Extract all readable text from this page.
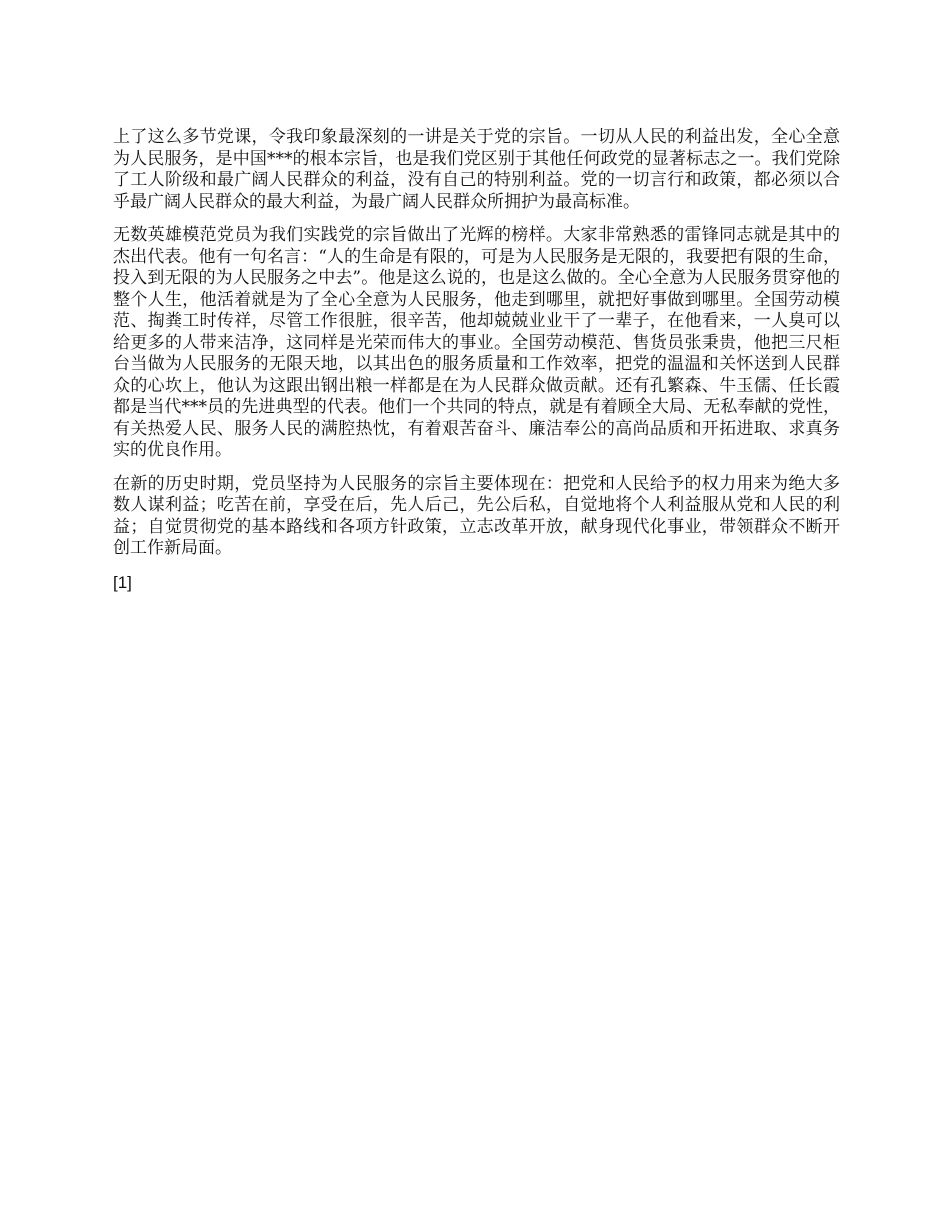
上了这么多节党课，令我印象最深刻的一讲是关于党的宗旨。一切从人民的利益出发，全心全意为人民服务，是中国***的根本宗旨，也是我们党区别于其他任何政党的显著标志之一。我们党除了工人阶级和最广阔人民群众的利益，没有自己的特别利益。党的一切言行和政策，都必须以合乎最广阔人民群众的最大利益，为最广阔人民群众所拥护为最高标准。

无数英雄模范党员为我们实践党的宗旨做出了光辉的榜样。大家非常熟悉的雷锋同志就是其中的杰出代表。他有一句名言：“人的生命是有限的，可是为人民服务是无限的，我要把有限的生命，投入到无限的为人民服务之中去”。他是这么说的，也是这么做的。全心全意为人民服务贯穿他的整个人生，他活着就是为了全心全意为人民服务，他走到哪里，就把好事做到哪里。全国劳动模范、掏粪工时传祥，尽管工作很脏，很辛苦，他却兢兢业业干了一辈子，在他看来，一人臭可以给更多的人带来洁净，这同样是光荣而伟大的事业。全国劳动模范、售货员张秉贵，他把三尺柜台当做为人民服务的无限天地，以其出色的服务质量和工作效率，把党的温温和关怀送到人民群众的心坎上，他认为这跟出钢出粮一样都是在为人民群众做贡献。还有孔繁森、牛玉儒、任长霞都是当代***员的先进典型的代表。他们一个共同的特点，就是有着顾全大局、无私奉献的党性，有关热爱人民、服务人民的满腔热忱，有着艰苦奋斗、廉洁奉公的高尚品质和开拓进取、求真务实的优良作用。

在新的历史时期，党员坚持为人民服务的宗旨主要体现在：把党和人民给予的权力用来为绝大多数人谋利益；吃苦在前，享受在后，先人后己，先公后私，自觉地将个人利益服从党和人民的利益；自觉贯彻党的基本路线和各项方针政策，立志改革开放，献身现代化事业，带领群众不断开创工作新局面。

[1]
